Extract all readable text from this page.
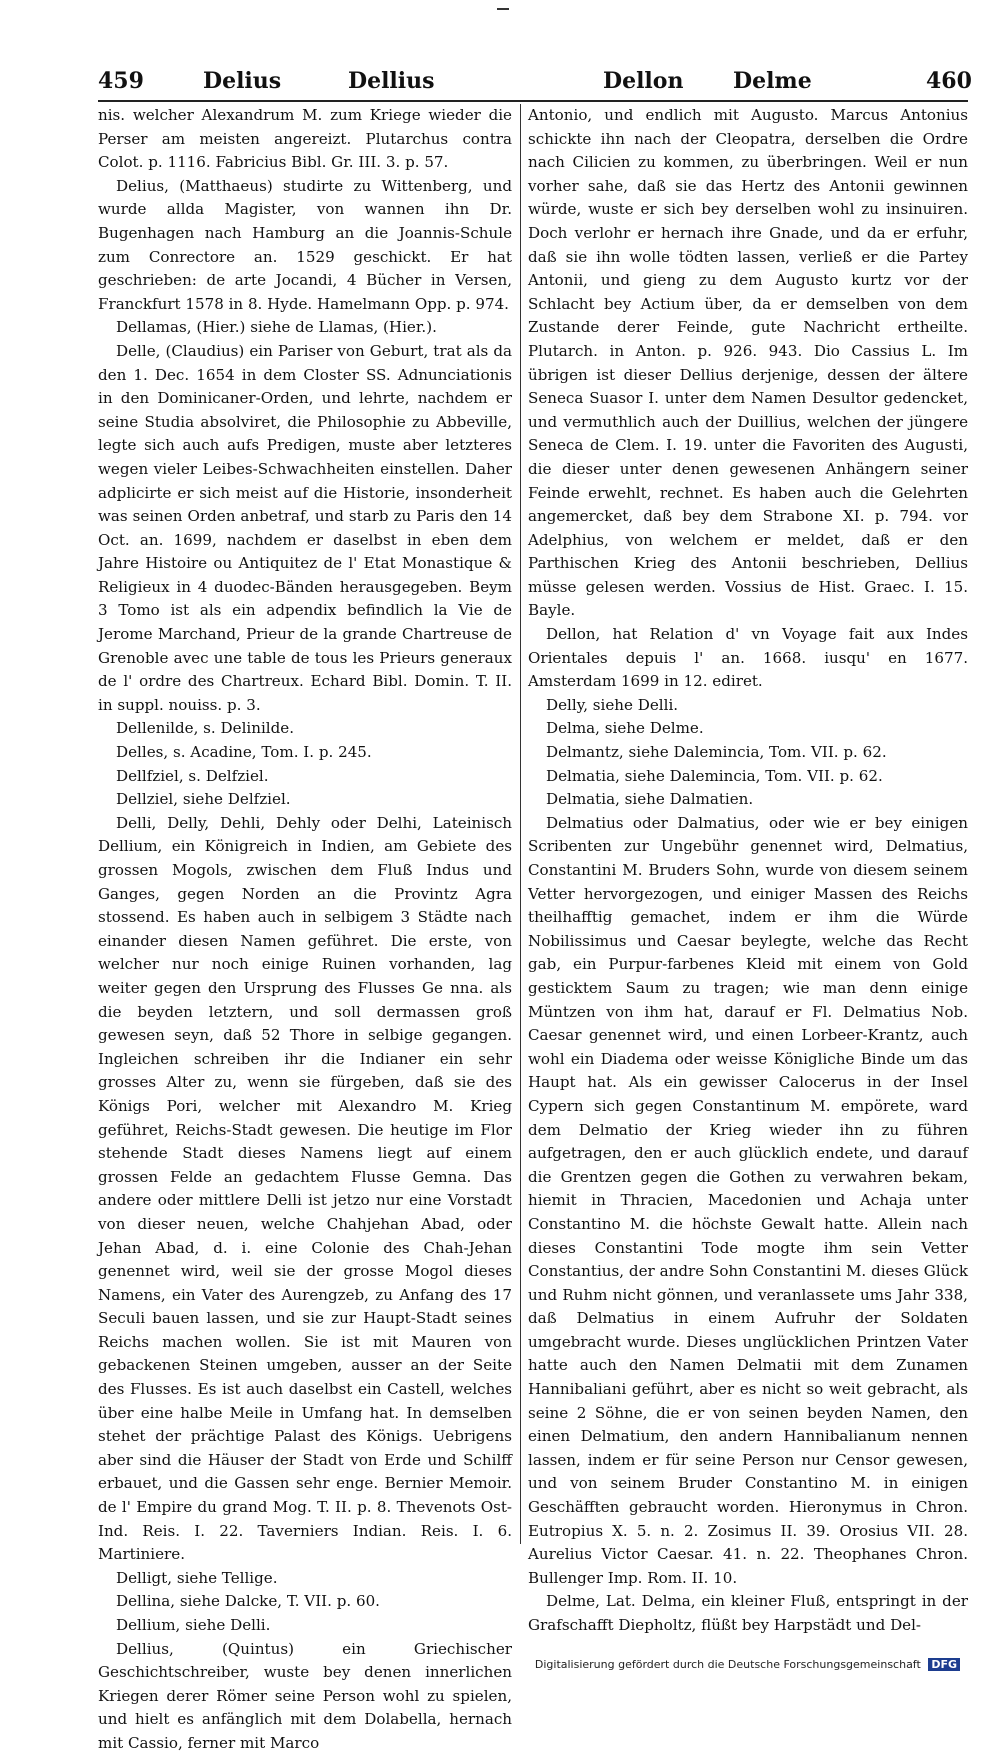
459	Delius	Dellius	Dellon Delme	460

nis. welcher Alexandrum M. zum Kriege wieder die Perser am meisten angereizt. Plutarchus contra Colot. p. 1116. Fabricius Bibl. Gr. III. 3. p. 57.

Delius, (Matthaeus) studirte zu Wittenberg, und wurde allda Magister, von wannen ihn Dr. Bugenhagen nach Hamburg an die Joannis-Schule zum Conrectore an. 1529 geschickt. Er hat geschrieben: de arte Jocandi, 4 Bücher in Versen, Franckfurt 1578 in 8. Hyde. Hamelmann Opp. p. 974.

Dellamas, (Hier.) siehe de Llamas, (Hier.).

Delle, (Claudius) ein Pariser von Geburt, trat als da den 1. Dec. 1654 in dem Closter SS. Adnunciationis in den Dominicaner-Orden, und lehrte, nachdem er seine Studia absolviret, die Philosophie zu Abbeville, legte sich auch aufs Predigen, muste aber letzteres wegen vieler Leibes-Schwachheiten einstellen. Daher adplicirte er sich meist auf die Historie, insonderheit was seinen Orden anbetraf, und starb zu Paris den 14 Oct. an. 1699, nachdem er daselbst in eben dem Jahre Histoire ou Antiquitez de l' Etat Monastique & Religieux in 4 duodec-Bänden herausgegeben. Beym 3 Tomo ist als ein adpendix befindlich la Vie de Jerome Marchand, Prieur de la grande Chartreuse de Grenoble avec une table de tous les Prieurs generaux de l' ordre des Chartreux. Echard Bibl. Domin. T. II. in suppl. nouiss. p. 3.

Dellenilde, s. Delinilde.

Delles, s. Acadine, Tom. I. p. 245.

Dellfziel, s. Delfziel.

Dellziel, siehe Delfziel.

Delli, Delly, Dehli, Dehly oder Delhi, Lateinisch Dellium, ein Königreich in Indien, am Gebiete des grossen Mogols, zwischen dem Fluß Indus und Ganges, gegen Norden an die Provintz Agra stossend. Es haben auch in selbigem 3 Städte nach einander diesen Namen geführet. Die erste, von welcher nur noch einige Ruinen vorhanden, lag weiter gegen den Ursprung des Flusses Ge nna. als die beyden letztern, und soll dermassen groß gewesen seyn, daß 52 Thore in selbige gegangen. Ingleichen schreiben ihr die Indianer ein sehr grosses Alter zu, wenn sie fürgeben, daß sie des Königs Pori, welcher mit Alexandro M. Krieg geführet, Reichs-Stadt gewesen. Die heutige im Flor stehende Stadt dieses Namens liegt auf einem grossen Felde an gedachtem Flusse Gemna. Das andere oder mittlere Delli ist jetzo nur eine Vorstadt von dieser neuen, welche Chahjehan Abad, oder Jehan Abad, d. i. eine Colonie des Chah-Jehan genennet wird, weil sie der grosse Mogol dieses Namens, ein Vater des Aurengzeb, zu Anfang des 17 Seculi bauen lassen, und sie zur Haupt-Stadt seines Reichs machen wollen. Sie ist mit Mauren von gebackenen Steinen umgeben, ausser an der Seite des Flusses. Es ist auch daselbst ein Castell, welches über eine halbe Meile in Umfang hat. In demselben stehet der prächtige Palast des Königs. Uebrigens aber sind die Häuser der Stadt von Erde und Schilff erbauet, und die Gassen sehr enge. Bernier Memoir. de l' Empire du grand Mog. T. II. p. 8. Thevenots Ost-Ind. Reis. I. 22. Taverniers Indian. Reis. I. 6. Martiniere.

Delligt, siehe Tellige.

Dellina, siehe Dalcke, T. VII. p. 60.

Dellium, siehe Delli.

Dellius, (Quintus) ein Griechischer Geschichtschreiber, wuste bey denen innerlichen Kriegen derer Römer seine Person wohl zu spielen, und hielt es anfänglich mit dem Dolabella, hernach mit Cassio, ferner mit Marco

Antonio, und endlich mit Augusto. Marcus Antonius schickte ihn nach der Cleopatra, derselben die Ordre nach Cilicien zu kommen, zu überbringen. Weil er nun vorher sahe, daß sie das Hertz des Antonii gewinnen würde, wuste er sich bey derselben wohl zu insinuiren. Doch verlohr er hernach ihre Gnade, und da er erfuhr, daß sie ihn wolle tödten lassen, verließ er die Partey Antonii, und gieng zu dem Augusto kurtz vor der Schlacht bey Actium über, da er demselben von dem Zustande derer Feinde, gute Nachricht ertheilte. Plutarch. in Anton. p. 926. 943. Dio Cassius L. Im übrigen ist dieser Dellius derjenige, dessen der ältere Seneca Suasor I. unter dem Namen Desultor gedencket, und vermuthlich auch der Duillius, welchen der jüngere Seneca de Clem. I. 19. unter die Favoriten des Augusti, die dieser unter denen gewesenen Anhängern seiner Feinde erwehlt, rechnet. Es haben auch die Gelehrten angemercket, daß bey dem Strabone XI. p. 794. vor Adelphius, von welchem er meldet, daß er den Parthischen Krieg des Antonii beschrieben, Dellius müsse gelesen werden. Vossius de Hist. Graec. I. 15. Bayle.

Dellon, hat Relation d' vn Voyage fait aux Indes Orientales depuis l' an. 1668. iusqu' en 1677. Amsterdam 1699 in 12. ediret.

Delly, siehe Delli.

Delma, siehe Delme.

Delmantz, siehe Dalemincia, Tom. VII. p. 62.

Delmatia, siehe Dalemincia, Tom. VII. p. 62.

Delmatia, siehe Dalmatien.

Delmatius oder Dalmatius, oder wie er bey einigen Scribenten zur Ungebühr genennet wird, Delmatius, Constantini M. Bruders Sohn, wurde von diesem seinem Vetter hervorgezogen, und einiger Massen des Reichs theilhafftig gemachet, indem er ihm die Würde Nobilissimus und Caesar beylegte, welche das Recht gab, ein Purpur-farbenes Kleid mit einem von Gold gesticktem Saum zu tragen; wie man denn einige Müntzen von ihm hat, darauf er Fl. Delmatius Nob. Caesar genennet wird, und einen Lorbeer-Krantz, auch wohl ein Diadema oder weisse Königliche Binde um das Haupt hat. Als ein gewisser Calocerus in der Insel Cypern sich gegen Constantinum M. empörete, ward dem Delmatio der Krieg wieder ihn zu führen aufgetragen, den er auch glücklich endete, und darauf die Grentzen gegen die Gothen zu verwahren bekam, hiemit in Thracien, Macedonien und Achaja unter Constantino M. die höchste Gewalt hatte. Allein nach dieses Constantini Tode mogte ihm sein Vetter Constantius, der andre Sohn Constantini M. dieses Glück und Ruhm nicht gönnen, und veranlassete ums Jahr 338, daß Delmatius in einem Aufruhr der Soldaten umgebracht wurde. Dieses unglücklichen Printzen Vater hatte auch den Namen Delmatii mit dem Zunamen Hannibaliani geführt, aber es nicht so weit gebracht, als seine 2 Söhne, die er von seinen beyden Namen, den einen Delmatium, den andern Hannibalianum nennen lassen, indem er für seine Person nur Censor gewesen, und von seinem Bruder Constantino M. in einigen Geschäfften gebraucht worden. Hieronymus in Chron. Eutropius X. 5. n. 2. Zosimus II. 39. Orosius VII. 28. Aurelius Victor Caesar. 41. n. 22. Theophanes Chron. Bullenger Imp. Rom. II. 10.

Delme, Lat. Delma, ein kleiner Fluß, entspringt in der Grafschafft Diepholtz, flüßt bey Harpstädt und Del-

Digitalisierung gefördert durch die Deutsche Forschungsgemeinschaft DFG
